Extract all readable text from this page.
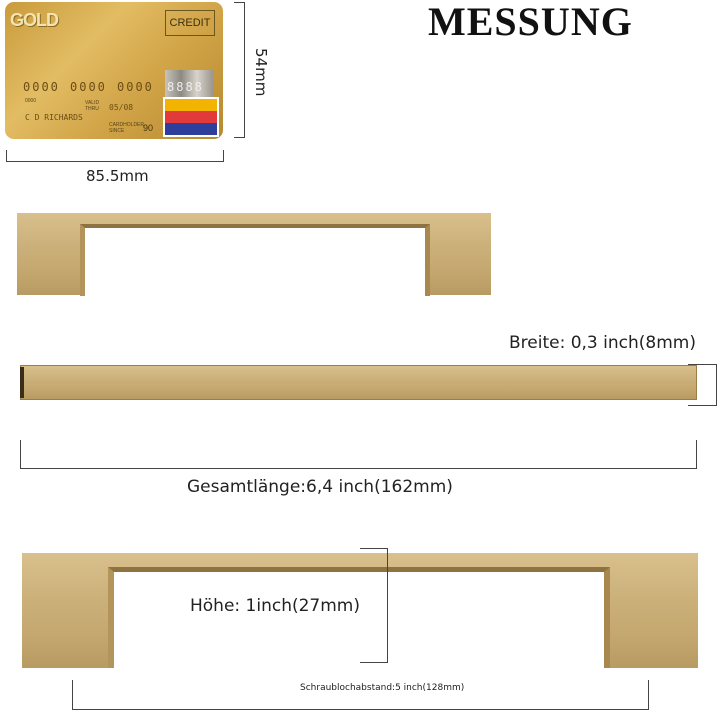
MESSUNG
GOLD	CREDIT
0000 0000 0000 8888
0000	VALID THRU	05/08
CARDHOLDER SINCE
C D RICHARDS
90
54mm
85.5mm
Breite: 0,3 inch(8mm)
Gesamtlänge:6,4 inch(162mm)
Höhe: 1inch(27mm)
Schraublochabstand:5 inch(128mm)
